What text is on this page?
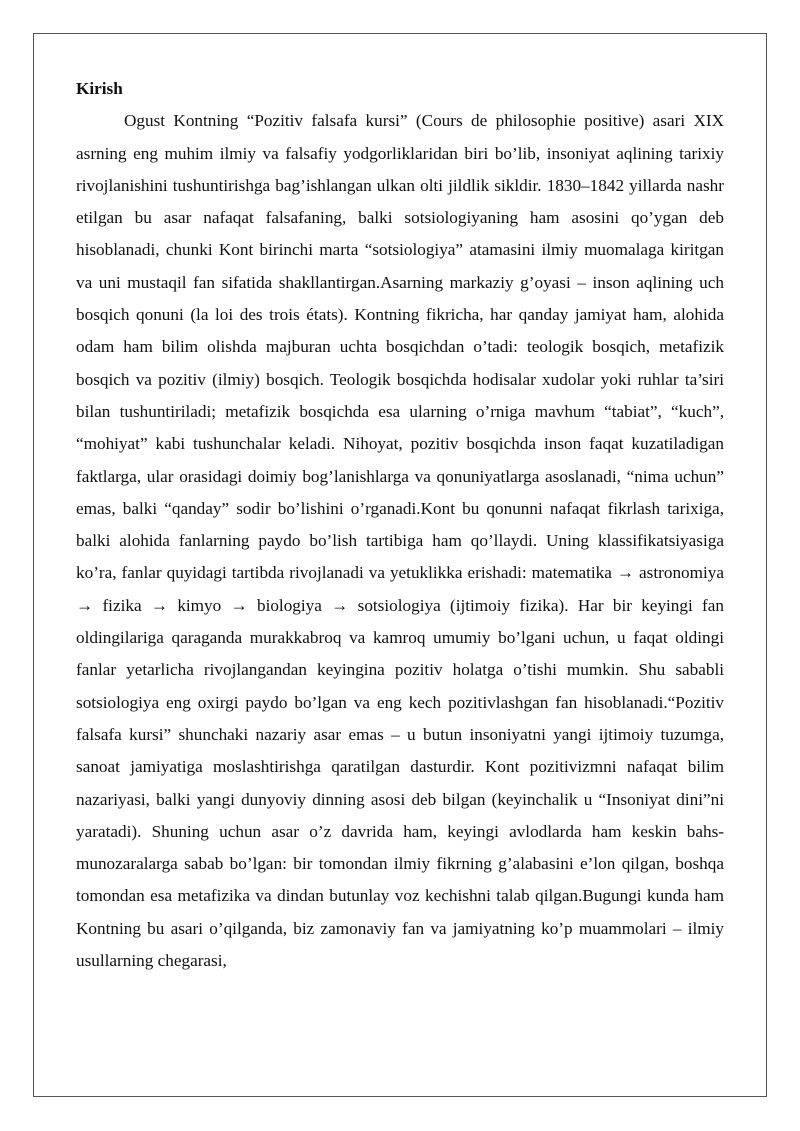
Kirish

Ogust Kontning “Pozitiv falsafa kursi” (Cours de philosophie positive) asari XIX asrning eng muhim ilmiy va falsafiy yodgorliklaridan biri bo’lib, insoniyat aqlining tarixiy rivojlanishini tushuntirishga bag’ishlangan ulkan olti jildlik sikldir. 1830–1842 yillarda nashr etilgan bu asar nafaqat falsafaning, balki sotsiologiyaning ham asosini qo’ygan deb hisoblanadi, chunki Kont birinchi marta “sotsiologiya” atamasini ilmiy muomalaga kiritgan va uni mustaqil fan sifatida shakllantirgan.Asarning markaziy g’oyasi – inson aqlining uch bosqich qonuni (la loi des trois états). Kontning fikricha, har qanday jamiyat ham, alohida odam ham bilim olishda majburan uchta bosqichdan o’tadi: teologik bosqich, metafizik bosqich va pozitiv (ilmiy) bosqich. Teologik bosqichda hodisalar xudolar yoki ruhlar ta’siri bilan tushuntiriladi; metafizik bosqichda esa ularning o’rniga mavhum “tabiat”, “kuch”, “mohiyat” kabi tushunchalar keladi. Nihoyat, pozitiv bosqichda inson faqat kuzatiladigan faktlarga, ular orasidagi doimiy bog’lanishlarga va qonuniyatlarga asoslanadi, “nima uchun” emas, balki “qanday” sodir bo’lishini o’rganadi.Kont bu qonunni nafaqat fikrlash tarixiga, balki alohida fanlarning paydo bo’lish tartibiga ham qo’llaydi. Uning klassifikatsiyasiga ko’ra, fanlar quyidagi tartibda rivojlanadi va yetuklikka erishadi: matematika → astronomiya → fizika → kimyo → biologiya → sotsiologiya (ijtimoiy fizika). Har bir keyingi fan oldingilariga qaraganda murakkabroq va kamroq umumiy bo’lgani uchun, u faqat oldingi fanlar yetarlicha rivojlangandan keyingina pozitiv holatga o’tishi mumkin. Shu sababli sotsiologiya eng oxirgi paydo bo’lgan va eng kech pozitivlashgan fan hisoblanadi.“Pozitiv falsafa kursi” shunchaki nazariy asar emas – u butun insoniyatni yangi ijtimoiy tuzumga, sanoat jamiyatiga moslashtirishga qaratilgan dasturdir. Kont pozitivizmni nafaqat bilim nazariyasi, balki yangi dunyoviy dinning asosi deb bilgan (keyinchalik u “Insoniyat dini”ni yaratadi). Shuning uchun asar o’z davrida ham, keyingi avlodlarda ham keskin bahs-munozaralarga sabab bo’lgan: bir tomondan ilmiy fikrning g’alabasini e’lon qilgan, boshqa tomondan esa metafizika va dindan butunlay voz kechishni talab qilgan.Bugungi kunda ham Kontning bu asari o’qilganda, biz zamonaviy fan va jamiyatning ko’p muammolari – ilmiy usullarning chegarasi,
